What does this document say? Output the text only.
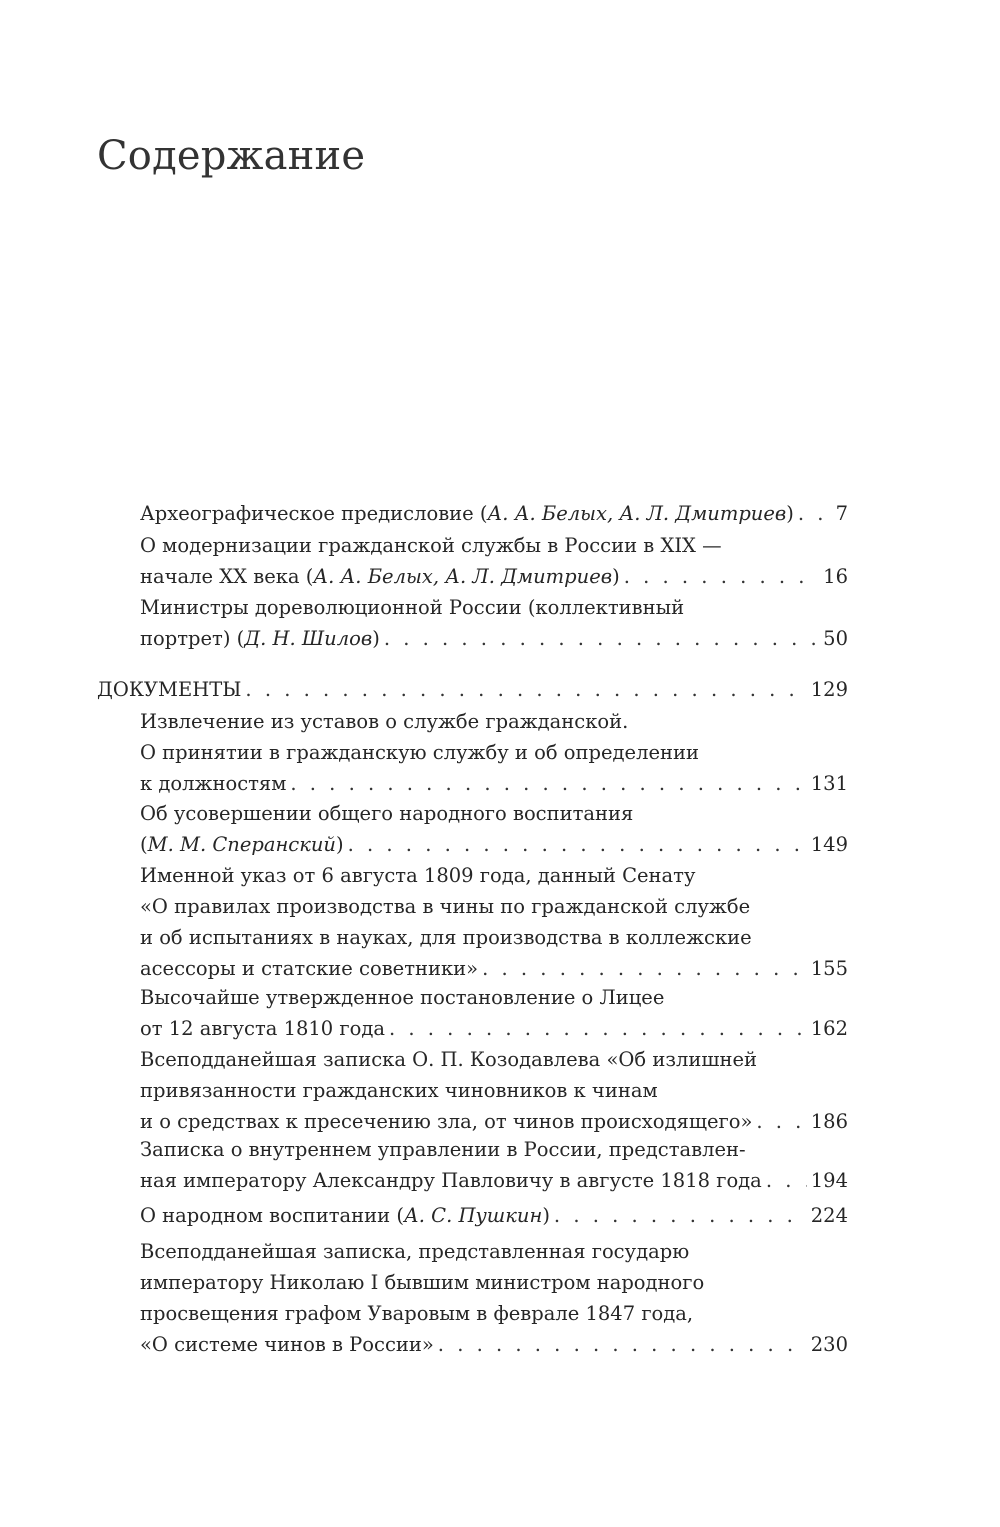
Содержание
Археографическое предисловие (А. А. Белых, А. Л. Дмитриев) . . . 7
О модернизации гражданской службы в России в XIX —
начале XX века (А. А. Белых, А. Л. Дмитриев) . . .	16
Министры дореволюционной России (коллективный
портрет) (Д. Н. Шилов) . . .	50
ДОКУМЕНТЫ . . .	129
Извлечение из уставов о службе гражданской.
О принятии в гражданскую службу и об определении
к должностям . . .	131
Об усовершении общего народного воспитания
(М. М. Сперанский) . . .	149
Именной указ от 6 августа 1809 года, данный Сенату
«О правилах производства в чины по гражданской службе
и об испытаниях в науках, для производства в коллежские
асессоры и статские советники» . . .	155
Высочайше утвержденное постановление о Лицее
от 12 августа 1810 года . . .	162
Всеподданейшая записка О. П. Козодавлева «Об излишней
привязанности гражданских чиновников к чинам
и о средствах к пресечению зла, от чинов происходящего» . . .	186
Записка о внутреннем управлении в России, представлен-
ная императору Александру Павловичу в августе 1818 года . . .	194
О народном воспитании (А. С. Пушкин) . . .	224
Всеподданейшая записка, представленная государю
императору Николаю I бывшим министром народного
просвещения графом Уваровым в феврале 1847 года,
«О системе чинов в России» . . .	230
